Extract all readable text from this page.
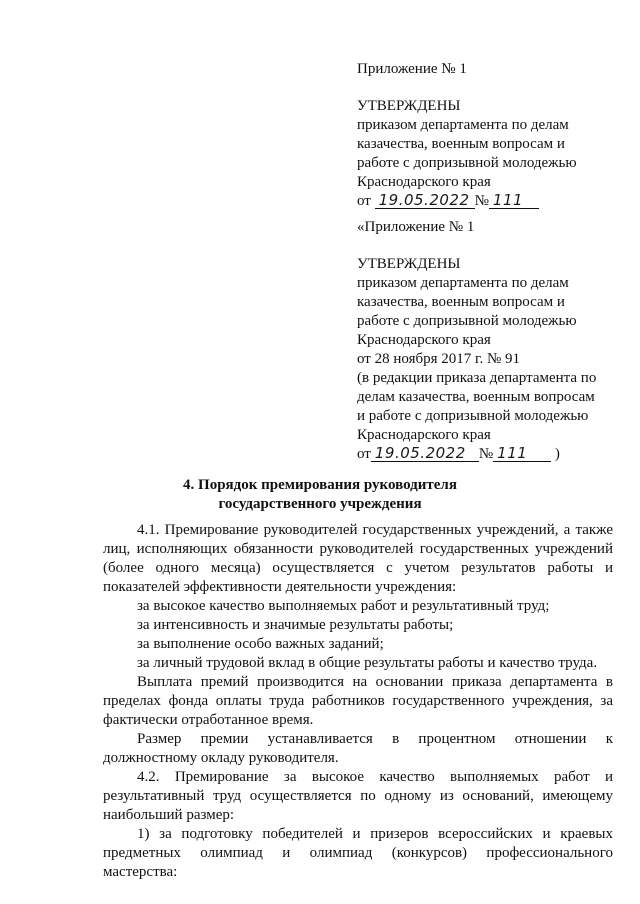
Приложение № 1
УТВЕРЖДЕНЫ
приказом департамента по делам
казачества, военным вопросам и
работе с допризывной молодежью
Краснодарского края
от 19.05.2022 № 111
«Приложение № 1
УТВЕРЖДЕНЫ
приказом департамента по делам
казачества, военным вопросам и
работе с допризывной молодежью
Краснодарского края
от 28 ноября 2017 г. № 91
(в редакции приказа департамента по
делам казачества, военным вопросам
и работе с допризывной молодежью
Краснодарского края
от 19.05.2022 № 111 )
4. Порядок премирования руководителя
государственного учреждения

4.1. Премирование руководителей государственных учреждений, а также лиц, исполняющих обязанности руководителей государственных учреждений (более одного месяца) осуществляется с учетом результатов работы и показателей эффективности деятельности учреждения:

за высокое качество выполняемых работ и результативный труд;

за интенсивность и значимые результаты работы;

за выполнение особо важных заданий;

за личный трудовой вклад в общие результаты работы и качество труда.

Выплата премий производится на основании приказа департамента в пределах фонда оплаты труда работников государственного учреждения, за фактически отработанное время.

Размер премии устанавливается в процентном отношении к должностному окладу руководителя.

4.2. Премирование за высокое качество выполняемых работ и результативный труд осуществляется по одному из оснований, имеющему наибольший размер:

1) за подготовку победителей и призеров всероссийских и краевых предметных олимпиад и олимпиад (конкурсов) профессионального мастерства:
